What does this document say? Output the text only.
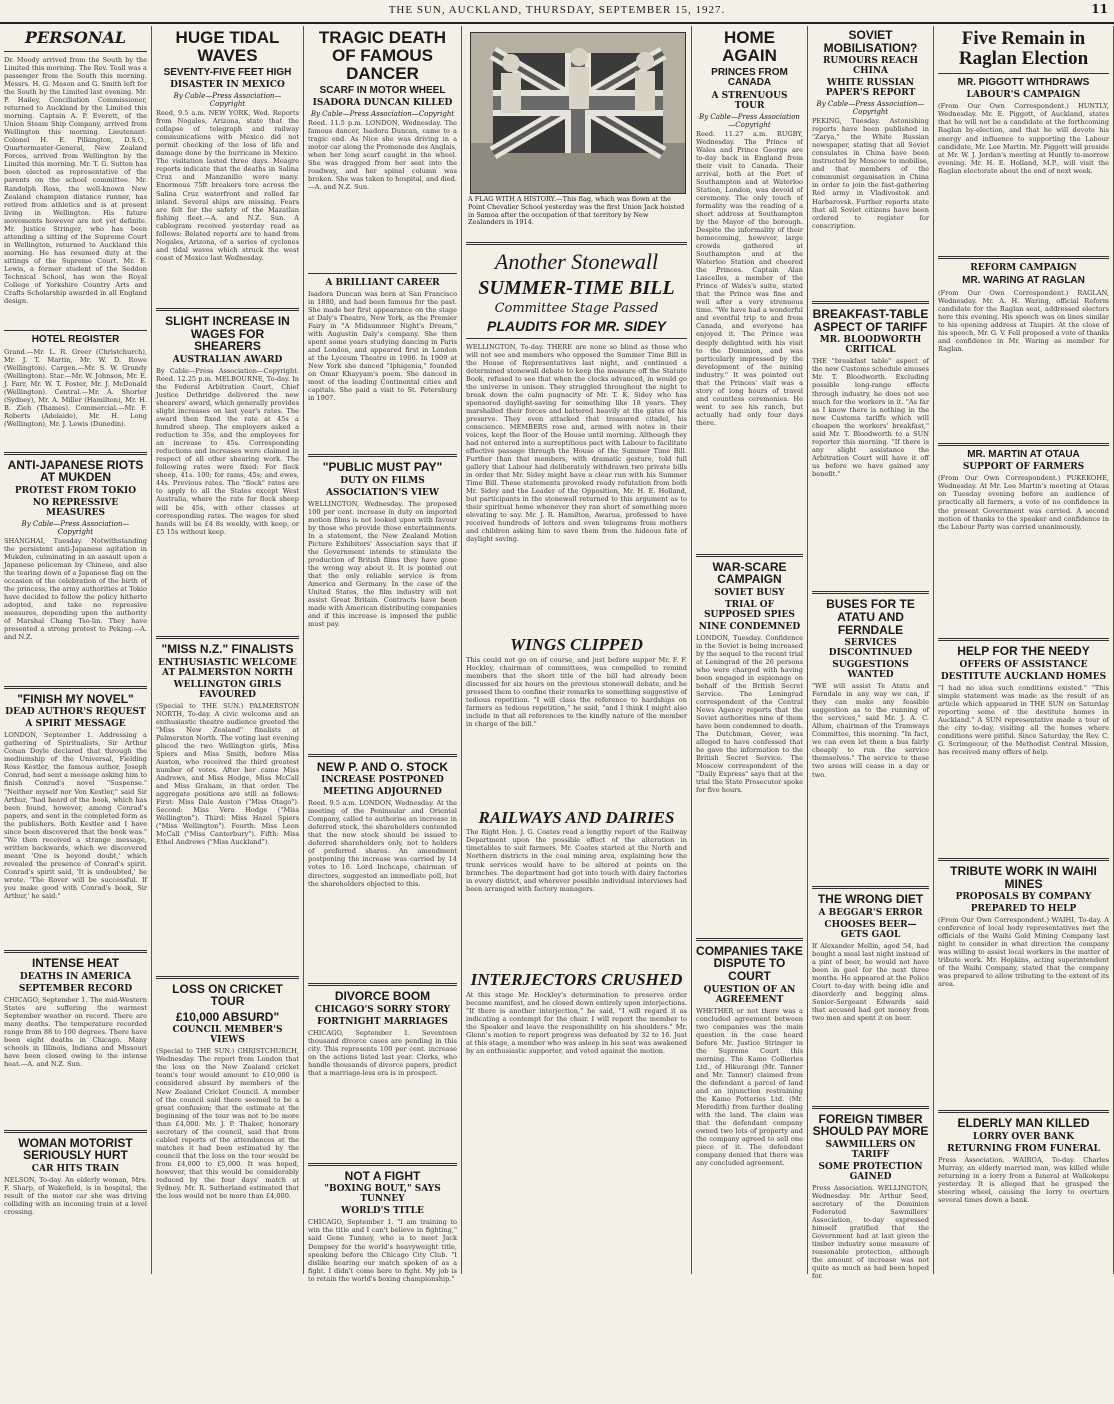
THE SUN, AUCKLAND, THURSDAY, SEPTEMBER 15, 1927.	11
PERSONAL

Dr. Moody arrived from the South by the Limited this morning. The Rev. Teall was a passenger from the South this morning. Messrs. H. G. Mason and G. Smith left for the South by the Limited last evening. Mr. P. Hailey, Conciliation Commissioner, returned to Auckland by the Limited this morning. Captain A. P. Everett, of the Union Steam Ship Company, arrived from Wellington this morning. Lieutenant-Colonel H. E. Pilkington, D.S.O., Quartermaster-General, New Zealand Forces, arrived from Wellington by the Limited this morning. Mr. T. G. Sutton has been elected as representative of the parents on the school committee. Mr. Randolph Ross, the well-known New Zealand champion distance runner, has retired from athletics and is at present living in Wellington. His future movements however are not yet definite. Mr. Justice Stringer, who has been attending a sitting of the Supreme Court in Wellington, returned to Auckland this morning. He has resumed duty at the sittings of the Supreme Court. Mr. E. Lewis, a former student of the Seddon Technical School, has won the Royal College of Yorkshire Country Arts and Crafts Scholarship awarded in all England design.

HOTEL REGISTER

Grand.—Mr. L. R. Greer (Christchurch), Mr. J. T. Martin, Mr. W. D. Rowe (Wellington). Cargen.—Mr. S. W. Grundy (Wellington). Star.—Mr. W. Johnson, Mr. E. J. Farr, Mr. W. T. Foster, Mr. J. McDonald (Wellington). Central.—Mr. A. Shorter (Sydney), Mr. A. Miller (Hamilton), Mr. H. B. Zieh (Thames). Commercial.—Mr. F. Roberts (Adelaide), Mr. H. Long (Wellington), Mr. J. Lewis (Dunedin).

ANTI-JAPANESE RIOTS AT MUKDEN
PROTEST FROM TOKIO
NO REPRESSIVE MEASURES
By Cable—Press Association—Copyright

SHANGHAI, Tuesday. Notwithstanding the persistent anti-Japanese agitation in Mukden, culminating in an assault upon a Japanese policeman by Chinese, and also the tearing down of a Japanese flag on the occasion of the celebration of the birth of the princess, the army authorities at Tokio have decided to follow the policy hitherto adopted, and take no repressive measures, depending upon the authority of Marshal Chang Tso-lin. They have presented a strong protest to Peking.—A. and N.Z.

"FINISH MY NOVEL"
DEAD AUTHOR'S REQUEST
A SPIRIT MESSAGE

LONDON, September 1. Addressing a gathering of Spiritualists, Sir Arthur Conan Doyle declared that through the mediumship of the Universal, Fielding Ross Kestler, the famous author, Joseph Conrad, had sent a message asking him to finish Conrad's novel "Suspense." "Neither myself nor Von Kestler," said Sir Arthur, "had heard of the book, which has been found, however, among Conrad's papers, and sent in the completed form as the publishers. Both Kestler and I have since been discovered that the book was." "We then received a strange message, written backwards, which we discovered meant 'One is beyond doubt,' which revealed the presence of Conrad's spirit. Conrad's spirit said, 'It is undoubted,' he wrote. 'The Rover will be successful. If you make good with Conrad's book, Sir Arthur,' he said."

INTENSE HEAT
DEATHS IN AMERICA
SEPTEMBER RECORD

CHICAGO, September 1. The mid-Western States are suffering the warmest September weather on record. There are many deaths. The temperature recorded range from 88 to 100 degrees. There have been eight deaths in Chicago. Many schools in Illinois, Indiana and Missouri have been closed owing to the intense heat.—A. and N.Z. Sun.

WOMAN MOTORIST SERIOUSLY HURT
CAR HITS TRAIN

NELSON, To-day. An elderly woman, Mrs. F. Sharp, of Wakefield, is in hospital, the result of the motor car she was driving colliding with an incoming train at a level crossing.

HUGE TIDAL WAVES
SEVENTY-FIVE FEET HIGH
DISASTER IN MEXICO
By Cable—Press Association—Copyright

Reed, 9.5 a.m. NEW YORK, Wed. Reports from Nogales, Arizona, state that the collapse of telegraph and railway communications with Mexico did not permit checking of the loss of life and damage done by the hurricane in Mexico. The visitation lasted three days. Meagre reports indicate that the deaths in Salina Cruz and Manzanillo were many. Enormous 75ft breakers tore across the Salina Cruz waterfront and rolled far inland. Several ships are missing. Fears are felt for the safety of the Mazatlan fishing fleet.—A. and N.Z. Sun. A cablegram received yesterday read as follows: Belated reports are to hand from Nogales, Arizona, of a series of cyclones and tidal waves which struck the west coast of Mexico last Wednesday.

SLIGHT INCREASE IN WAGES FOR SHEARERS
AUSTRALIAN AWARD

By Cable—Press Association—Copyright. Reed. 12.25 p.m. MELBOURNE, To-day. In the Federal Arbitration Court, Chief Justice Dethridge delivered the new shearers' award, which generally provides slight increases on last year's rates. The award then fixed the rate at 45s a hundred sheep. The employers asked a reduction to 35s, and the employees for an increase to 45s. Corresponding reductions and increases were claimed in respect of all other shearing work. The following rates were fixed: For flock sheep, 41s. 100; for rams, 45s; and ewes, 44s. Previous rates. The "flock" rates are to apply to all the States except West Australia, where the rate for flock sheep will be 45s, with other classes at corresponding rates. The wages for shed hands will be £4 8s weekly, with keep, or £5 15s without keep.

"MISS N.Z." FINALISTS
ENTHUSIASTIC WELCOME AT PALMERSTON NORTH
WELLINGTON GIRLS FAVOURED

(Special to THE SUN.) PALMERSTON NORTH, To-day. A civic welcome and an enthusiastic theatre audience greeted the "Miss New Zealand" finalists at Palmerston North. The voting last evening placed the two Wellington girls, Miss Spiers and Miss Smith, before Miss Auston, who received the third greatest number of votes. After her came Miss Andrews, and Miss Hodge, Miss McCall and Miss Graham, in that order. The aggregate positions are still as follows: First: Miss Dale Auston ("Miss Otago"). Second: Miss Vera Hodge ("Miss Wellington"). Third: Miss Hazel Spiers ("Miss Wellington"). Fourth: Miss Leon McCall ("Miss Canterbury"). Fifth: Miss Ethel Andrews ("Miss Auckland").

LOSS ON CRICKET TOUR
£10,000 ABSURD"
COUNCIL MEMBER'S VIEWS

(Special to THE SUN.) CHRISTCHURCH, Wednesday. The report from London that the loss on the New Zealand cricket team's tour would amount to £10,000 is considered absurd by members of the New Zealand Cricket Council. A member of the council said there seemed to be a great confusion; that the estimate at the beginning of the tour was not to be more than £4,000. Mr. J. P. Thaker, honorary secretary of the council, said that from cabled reports of the attendances at the matches it had been estimated by the council that the loss on the tour would be from £4,000 to £5,000. It was hoped, however, that this would be considerably reduced by the four days' match at Sydney. Mr. R. Sutherland estimated that the loss would not be more than £4,000.

TRAGIC DEATH OF FAMOUS DANCER
SCARF IN MOTOR WHEEL
ISADORA DUNCAN KILLED
By Cable—Press Association—Copyright

Reed. 11.5 p.m. LONDON, Wednesday. The famous dancer, Isadora Duncan, came to a tragic end. As Nice she was driving in a motor car along the Promenade des Anglais, when her long scarf caught in the wheel. She was dragged from her seat into the roadway, and her spinal column was broken. She was taken to hospital, and died.—A. and N.Z. Sun.

A BRILLIANT CAREER

Isadora Duncan was born at San Francisco in 1880, and had been famous for the past. She made her first appearance on the stage at Daly's Theatre, New York, as the Premier Fairy in "A Midsummer Night's Dream," with Augustin Daly's company. She then spent some years studying dancing in Paris and London, and appeared first in London at the Lyceum Theatre in 1906. In 1909 at New York she danced "Iphigenia," founded on Omar Khayyam's poem. She danced in most of the leading Continental cities and capitals. She paid a visit to St. Petersburg in 1907.

"PUBLIC MUST PAY"
DUTY ON FILMS
ASSOCIATION'S VIEW

WELLINGTON, Wednesday. The proposed 100 per cent. increase in duty on imported motion films is not looked upon with favour by those who provide those entertainments. In a statement, the New Zealand Motion Picture Exhibitors' Association says that if the Government intends to stimulate the production of British films they have gone the wrong way about it. It is pointed out that the only reliable service is from America and Germany. In the case of the United States, the film industry will not assist Great Britain. Contracts have been made with American distributing companies and if this increase is imposed the public must pay.

NEW P. AND O. STOCK
INCREASE POSTPONED
MEETING ADJOURNED

Reed. 9.5 a.m. LONDON, Wednesday. At the meeting of the Peninsular and Oriental Company, called to authorise an increase in deferred stock, the shareholders contended that the new stock should be issued to deferred shareholders only, not to holders of preferred shares. An amendment postponing the increase was carried by 14 votes to 16. Lord Inchcape, chairman of directors, suggested an immediate poll, but the shareholders objected to this.

DIVORCE BOOM
CHICAGO'S SORRY STORY
FORTNIGHT MARRIAGES

CHICAGO, September 1. Seventeen thousand divorce cases are pending in this city. This represents 100 per cent. increase on the actions listed last year. Clerks, who handle thousands of divorce papers, predict that a marriage-less era is in prospect.

NOT A FIGHT
"BOXING BOUT," SAYS TUNNEY
WORLD'S TITLE

CHICAGO, September 1. "I am training to win the title and I can't believe in fighting," said Gene Tunney, who is to meet Jack Dempsey for the world's heavyweight title, speaking before the Chicago City Club. "I dislike hearing our match spoken of as a fight. I didn't come here to fight. My job is to retain the world's boxing championship."

A FLAG WITH A HISTORY.—This flag, which was flown at the Point Chevalier School yesterday was the first Union Jack hoisted in Samoa after the occupation of that territory by New Zealanders in 1914.
Another Stonewall
SUMMER-TIME BILL
Committee Stage Passed
PLAUDITS FOR MR. SIDEY

WELLINGTON, To-day. THERE are none so blind as those who will not see and members who opposed the Summer Time Bill in the House of Representatives last night, and continued a determined stonewall debate to keep the measure off the Statute Book, refused to see that when the clocks advanced, in would go the universe in unison. They struggled throughout the night to break down the calm pugnacity of Mr. T. K. Sidey who has sponsored daylight-saving for something like 18 years. They marshalled their forces and battered heavily at the gates of his preserve. They even attacked that treasured citadel, his conscience. MEMBERS rose and, armed with notes in their voices, kept the floor of the House until morning. Although they had not entered into a surreptitious pact with Labour to facilitate effective passage through the House of the Summer Time Bill. Further than that members, with dramatic gesture, told full gallery that Labour had deliberately withdrawn two private bills in order that Mr. Sidey might have a clear run with his Summer Time Bill. These statements provoked ready refutation from both Mr. Sidey and the Leader of the Opposition, Mr. H. E. Holland, but participants in the stonewall returned to this argument as to their spiritual home whenever they ran short of something more elevating to say. Mr. J. R. Hamilton, Awarua, professed to have received hundreds of letters and even telegrams from mothers and children asking him to save them from the hideous fate of daylight saving.

WINGS CLIPPED

This could not go on of course, and just before supper Mr. F. F. Hockley, chairman of committees, was compelled to remind members that the short title of the bill had already been discussed for six hours on the previous stonewall debate, and he pressed them to confine their remarks to something suggestive of tedious repetition. "I will class the reference to hardships on farmers as tedious repetition," he said, "and I think I might also include in that all references to the kindly nature of the member in charge of the bill."

RAILWAYS AND DAIRIES

The Right Hon. J. G. Coates read a lengthy report of the Railway Department upon the possible effect of the alteration in timetables to suit farmers. Mr. Coates started at the North and Northern districts in the coal mining area, explaining how the trunk services would have to be altered at points on the branches. The department had got into touch with dairy factories in every district, and wherever possible individual interviews had been arranged with factory managers.

INTERJECTORS CRUSHED

At this stage Mr. Hockley's determination to preserve order became manifest, and he closed down entirely upon interjections. "If there is another interjection," he said, "I will regard it as indicating a contempt for the chair. I will report the member to the Speaker and leave the responsibility on his shoulders." Mr. Glenn's motion to report progress was defeated by 32 to 16. Just at this stage, a member who was asleep in his seat was awakened by an enthusiastic supporter, and voted against the motion.

HOME AGAIN
PRINCES FROM CANADA
A STRENUOUS TOUR
By Cable—Press Association—Copyright

Reed. 11.27 a.m. RUGBY, Wednesday. The Prince of Wales and Prince George are to-day back in England from their visit to Canada. Their arrival, both at the Port of Southampton and at Waterloo Station, London, was devoid of ceremony. The only touch of formality was the reading of a short address at Southampton by the Mayor of the borough. Despite the informality of their homecoming, however, large crowds gathered at Southampton and at the Waterloo Station and cheered the Princes. Captain Alan Lascelles, a member of the Prince of Wales's suite, stated that the Prince was fine and well after a very strenuous time. "We have had a wonderful and eventful trip to and from Canada, and everyone has enjoyed it. The Prince was deeply delighted with his visit to the Dominion, and was particularly impressed by the development of the mining industry." It was pointed out that the Princes' visit was a story of long hours of travel and countless ceremonies. He went to see his ranch, but actually had only four days there.

WAR-SCARE CAMPAIGN
SOVIET BUSY
TRIAL OF SUPPOSED SPIES
NINE CONDEMNED

LONDON, Tuesday. Confidence in the Soviet is being increased by the sequel to the recent trial at Leningrad of the 26 persons who were charged with having been engaged in espionage on behalf of the British Secret Service. The Leningrad correspondent of the Central News Agency reports that the Soviet authorities nine of them have been condemned to death. The Dutchman, Gever, was alleged to have confessed that he gave the information to the British Secret Service. The Moscow correspondent of the "Daily Express" says that at the trial the State Prosecutor spoke for five hours.

COMPANIES TAKE DISPUTE TO COURT
QUESTION OF AN AGREEMENT

WHETHER or not there was a concluded agreement between two companies was the main question in the case heard before Mr. Justice Stringer in the Supreme Court this morning. The Kamo Collieries Ltd., of Hikurangi (Mr. Tanner and Mr. Tanner) claimed from the defendant a parcel of land and an injunction restraining the Kamo Potteries Ltd. (Mr. Meredith) from further dealing with the land. The claim was that the defendant company owned two lots of property and the company agreed to sell one piece of it. The defendant company denied that there was any concluded agreement.

SOVIET MOBILISATION?
RUMOURS REACH CHINA
WHITE RUSSIAN PAPER'S REPORT
By Cable—Press Association—Copyright

PEKING, Tuesday. Astonishing reports have been published in "Zarya," the White Russian newspaper, stating that all Soviet consulates in China have been instructed by Moscow to mobilise, and that members of the communist organisation in China in order to join the fast-gathering Red army in Vladivostok and Harbarovsk. Further reports state that all Soviet citizens have been ordered to register for conscription.

BREAKFAST-TABLE ASPECT OF TARIFF
MR. BLOODWORTH CRITICAL

THE "breakfast table" aspect of the new Customs schedule amuses Mr. T. Bloodworth. Excluding possible long-range effects through industry, he does not see much for the workers in it. "As far as I know there is nothing in the new Customs tariffs which will cheapen the workers' breakfast," said Mr. T. Bloodworth to a SUN reporter this morning. "If there is any slight assistance the Arbitration Court will have it off us before we have gained any benefit."

BUSES FOR TE ATATU AND FERNDALE
SERVICES DISCONTINUED
SUGGESTIONS WANTED

"WE will assist Te Atatu and Ferndale in any way we can, if they can make any feasible suggestion as to the running of the services," said Mr. J. A. C. Allum, chairman of the Tramways Committee, this morning. "In fact, we can even let them a bus fairly cheaply to run the service themselves." The service to these two areas will cease in a day or two.

THE WRONG DIET
A BEGGAR'S ERROR
CHOOSES BEER—GETS GAOL

If Alexander Mellin, aged 54, had bought a meal last night instead of a pint of beer, he would not have been in gaol for the next three months. He appeared at the Police Court to-day with being idle and disorderly and begging alms. Senior-Sergeant Edwards said that accused had got money from two men and spent it on beer.

FOREIGN TIMBER SHOULD PAY MORE
SAWMILLERS ON TARIFF
SOME PROTECTION GAINED

Press Association. WELLINGTON, Wednesday. Mr. Arthur Seed, secretary of the Dominion Federated Sawmillers' Association, to-day expressed himself gratified that the Government had at last given the timber industry some measure of reasonable protection, although the amount of increase was not quite as much as had been hoped for.

Five Remain in Raglan Election
MR. PIGGOTT WITHDRAWS
LABOUR'S CAMPAIGN

(From Our Own Correspondent.) HUNTLY, Wednesday. Mr. E. Piggott, of Auckland, states that he will not be a candidate at the forthcoming Raglan by-election, and that he will devote his energy and influence to supporting the Labour candidate, Mr. Lee Martin. Mr. Piggott will preside at Mr. W. J. Jordan's meeting at Huntly to-morrow evening. Mr. H. E. Holland, M.P., will visit the Raglan electorate about the end of next week.

REFORM CAMPAIGN
MR. WARING AT RAGLAN

(From Our Own Correspondent.) RAGLAN, Wednesday. Mr. A. H. Waring, official Reform candidate for the Raglan seat, addressed electors here this evening. His speech was on lines similar to his opening address at Taupiri. At the close of his speech, Mr. G. V. Fell proposed a vote of thanks and confidence in Mr. Waring as member for Raglan.

MR. MARTIN AT OTAUA
SUPPORT OF FARMERS

(From Our Own Correspondent.) PUKEKOHE, Wednesday. At Mr. Lee Martin's meeting at Otaua on Tuesday evening before an audience of practically all farmers, a vote of no confidence in the present Government was carried. A second motion of thanks to the speaker and confidence in the Labour Party was carried unanimously.

HELP FOR THE NEEDY
OFFERS OF ASSISTANCE
DESTITUTE AUCKLAND HOMES

"I had no idea such conditions existed." "This simple statement was made as the result of an article which appeared in THE SUN on Saturday reporting some of the destitute homes in Auckland." A SUN representative made a tour of the city to-day, visiting all the homes where conditions were pitiful. Since Saturday, the Rev. C. G. Scrimgeour, of the Methodist Central Mission, has received many offers of help.

TRIBUTE WORK IN WAIHI MINES
PROPOSALS BY COMPANY
PREPARED TO HELP

(From Our Own Correspondent.) WAIHI, To-day. A conference of local body representatives met the officials of the Waihi Gold Mining Company last night to consider in what direction the company was willing to assist local workers in the matter of tribute work. Mr. Hopkins, acting superintendent of the Waihi Company, stated that the company was prepared to allow tributing to the extent of its area.

ELDERLY MAN KILLED
LORRY OVER BANK
RETURNING FROM FUNERAL

Press Association. WAIROA, To-day. Charles Murray, an elderly married man, was killed while returning in a lorry from a funeral at Waikokopu yesterday. It is alleged that he grasped the steering wheel, causing the lorry to overturn several times down a bank.
